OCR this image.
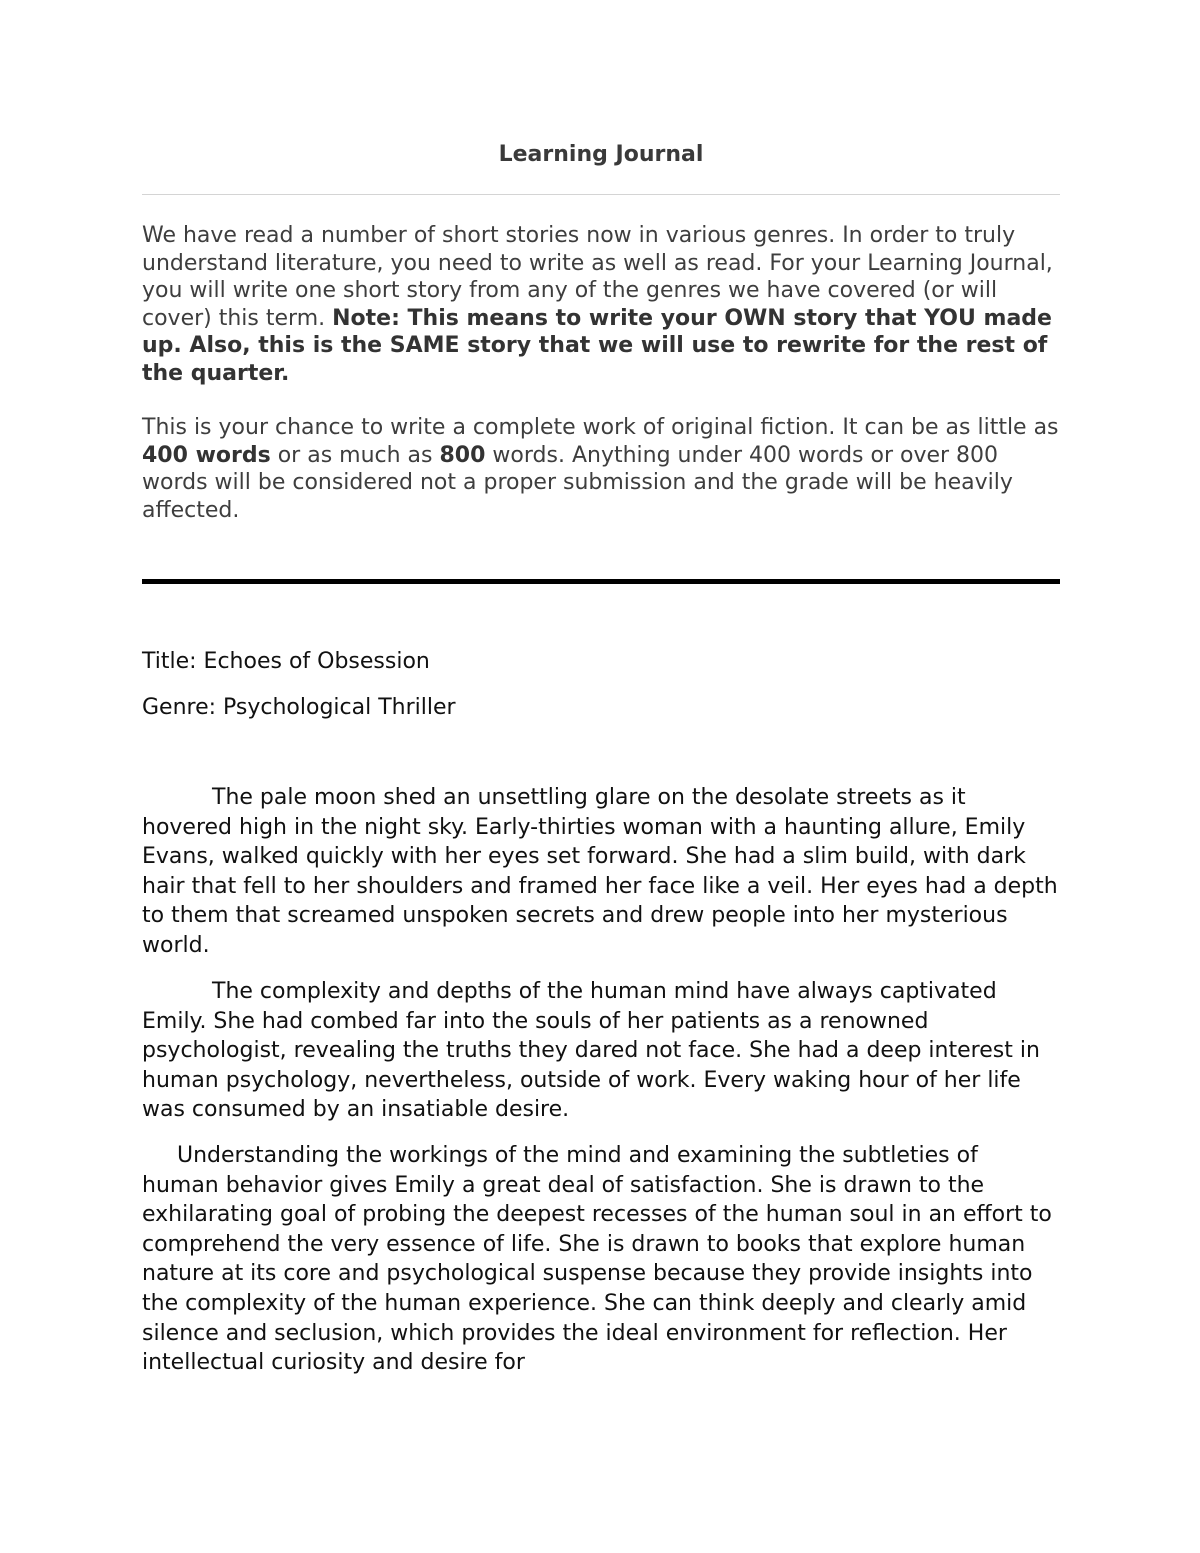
Learning Journal

We have read a number of short stories now in various genres. In order to truly understand literature, you need to write as well as read. For your Learning Journal, you will write one short story from any of the genres we have covered (or will cover) this term. Note: This means to write your OWN story that YOU made up. Also, this is the SAME story that we will use to rewrite for the rest of the quarter.

This is your chance to write a complete work of original fiction. It can be as little as 400 words or as much as 800 words. Anything under 400 words or over 800 words will be considered not a proper submission and the grade will be heavily affected.

Title: Echoes of Obsession

Genre: Psychological Thriller

The pale moon shed an unsettling glare on the desolate streets as it hovered high in the night sky. Early-thirties woman with a haunting allure, Emily Evans, walked quickly with her eyes set forward. She had a slim build, with dark hair that fell to her shoulders and framed her face like a veil. Her eyes had a depth to them that screamed unspoken secrets and drew people into her mysterious world.

The complexity and depths of the human mind have always captivated Emily. She had combed far into the souls of her patients as a renowned psychologist, revealing the truths they dared not face. She had a deep interest in human psychology, nevertheless, outside of work. Every waking hour of her life was consumed by an insatiable desire.

Understanding the workings of the mind and examining the subtleties of human behavior gives Emily a great deal of satisfaction. She is drawn to the exhilarating goal of probing the deepest recesses of the human soul in an effort to comprehend the very essence of life. She is drawn to books that explore human nature at its core and psychological suspense because they provide insights into the complexity of the human experience. She can think deeply and clearly amid silence and seclusion, which provides the ideal environment for reflection. Her intellectual curiosity and desire for
